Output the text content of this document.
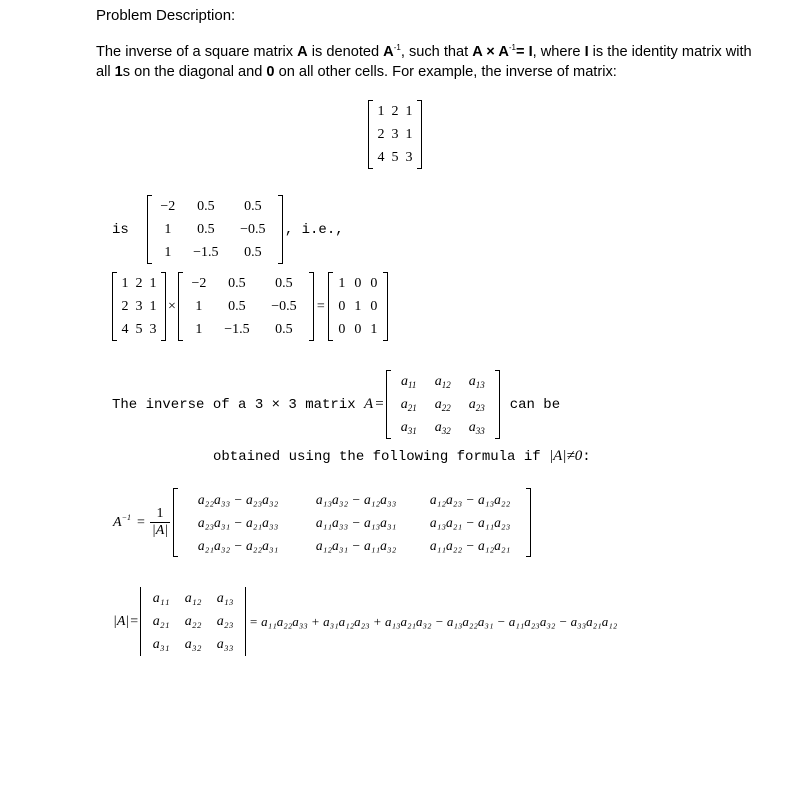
Problem Description:
The inverse of a square matrix A is denoted $A^{-1}$, such that $A \times A^{-1}= I$, where I is the identity matrix with all 1s on the diagonal and 0 on all other cells. For example, the inverse of matrix:
1 2 1
2 3 1
4 5 3
is
−2	0.5	0.5
1	0.5	−0.5
1	−1.5	0.5
, i.e.,
1 2 1
2 3 1
4 5 3
×
−2	0.5	0.5
1	0.5	−0.5
1	−1.5	0.5
=
1 0 0
0 1 0
0 0 1
The inverse of a 3 × 3 matrix A =
$a_{11}$	$a_{12}$	$a_{13}$
$a_{21}$	$a_{22}$	$a_{23}$
$a_{31}$	$a_{32}$	$a_{33}$
can be
obtained using the following formula if |A|≠0 :
$A^{-1} = \frac{1}{|A|}$
a₂₂a₃₃ − a₂₃a₃₂	a₁₃a₃₂ − a₁₂a₃₃	a₁₂a₂₃ − a₁₃a₂₂
a₂₃a₃₁ − a₂₁a₃₃	a₁₁a₃₃ − a₁₃a₃₁	a₁₃a₂₁ − a₁₁a₂₃
a₂₁a₃₂ − a₂₂a₃₁	a₁₂a₃₁ − a₁₁a₃₂	a₁₁a₂₂ − a₁₂a₂₁
|A| =
a₁₁	a₁₂	a₁₃
a₂₁	a₂₂	a₂₃
a₃₁	a₃₂	a₃₃
= a₁₁a₂₂a₃₃ + a₃₁a₁₂a₂₃ + a₁₃a₂₁a₃₂ − a₁₃a₂₂a₃₁ − a₁₁a₂₃a₃₂ − a₃₃a₂₁a₁₂
